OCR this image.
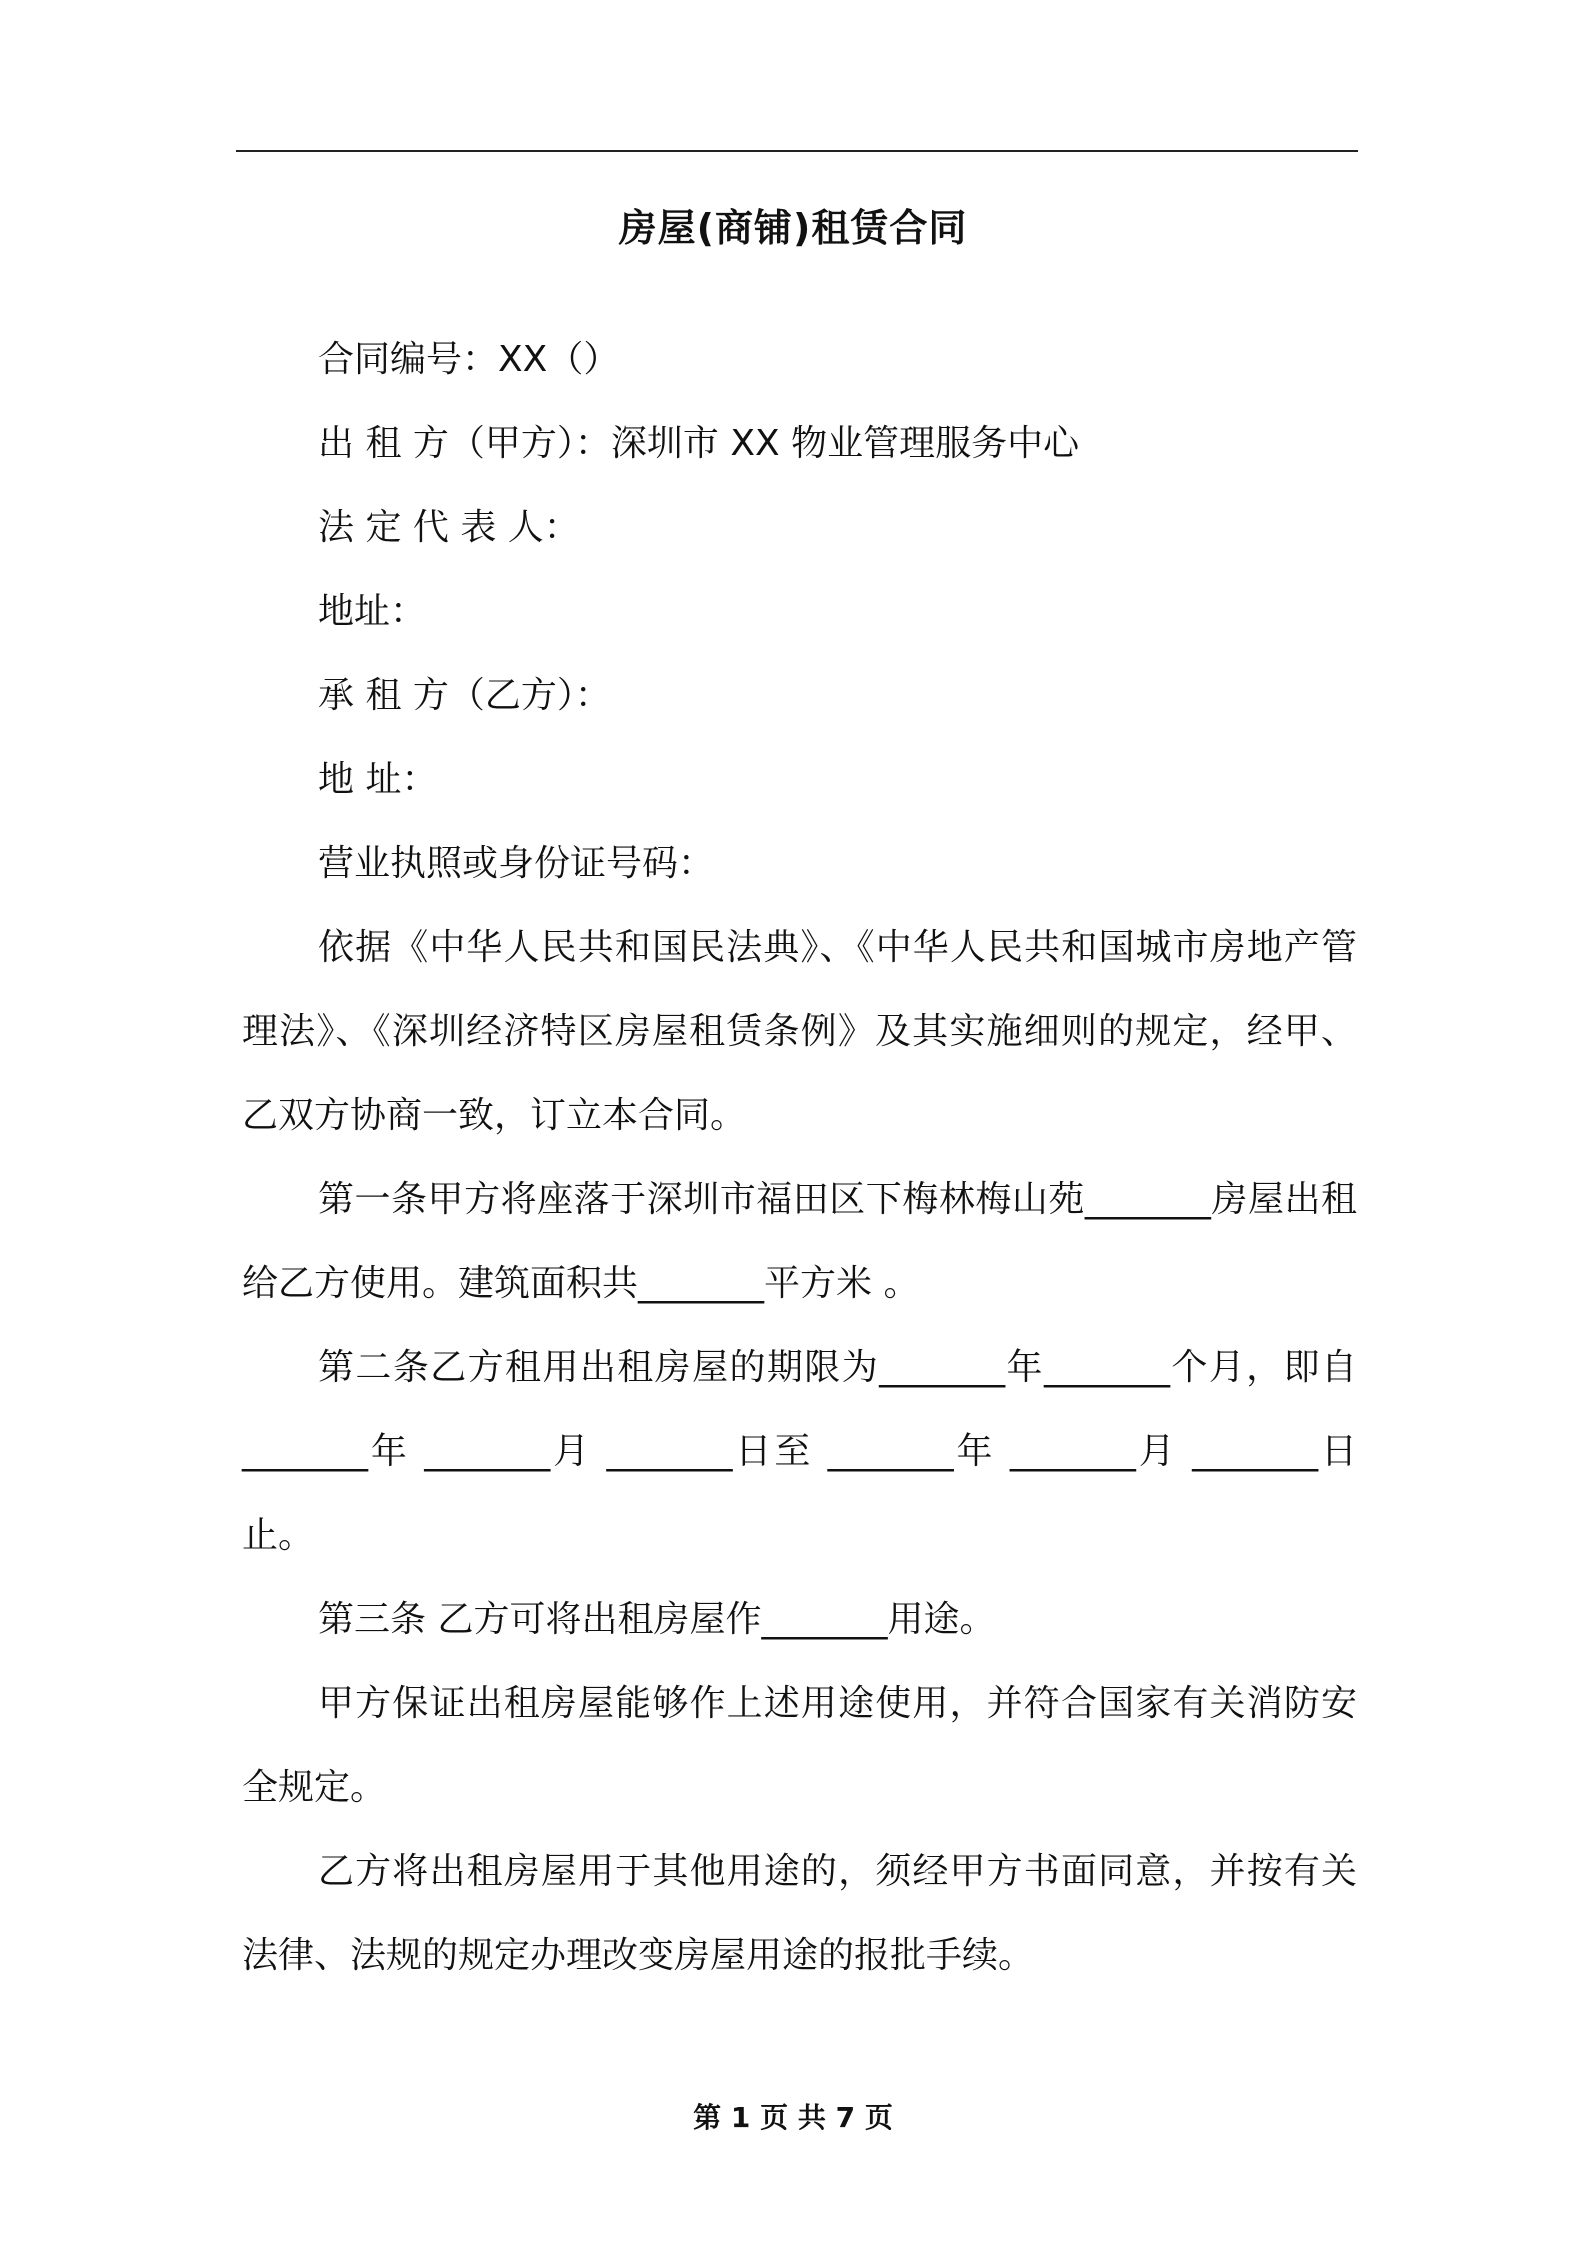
房屋(商铺)租赁合同
合同编号：XX（）
出 租 方（甲方）：深圳市 XX 物业管理服务中心
法 定 代 表 人：
地址：
承 租 方（乙方）：
地 址：
营业执照或身份证号码：
依据《中华人民共和国民法典》、《中华人民共和国城市房地产管理法》、《深圳经济特区房屋租赁条例》及其实施细则的规定，经甲、乙双方协商一致，订立本合同。
第一条甲方将座落于深圳市福田区下梅林梅山苑_______房屋出租给乙方使用。建筑面积共_______平方米 。
第二条乙方租用出租房屋的期限为_______年_______个月，即自 _______年 _______月 _______日至 _______年 _______月 _______日止。
第三条 乙方可将出租房屋作_______用途。
甲方保证出租房屋能够作上述用途使用，并符合国家有关消防安全规定。
乙方将出租房屋用于其他用途的，须经甲方书面同意，并按有关法律、法规的规定办理改变房屋用途的报批手续。
第 1 页 共 7 页
